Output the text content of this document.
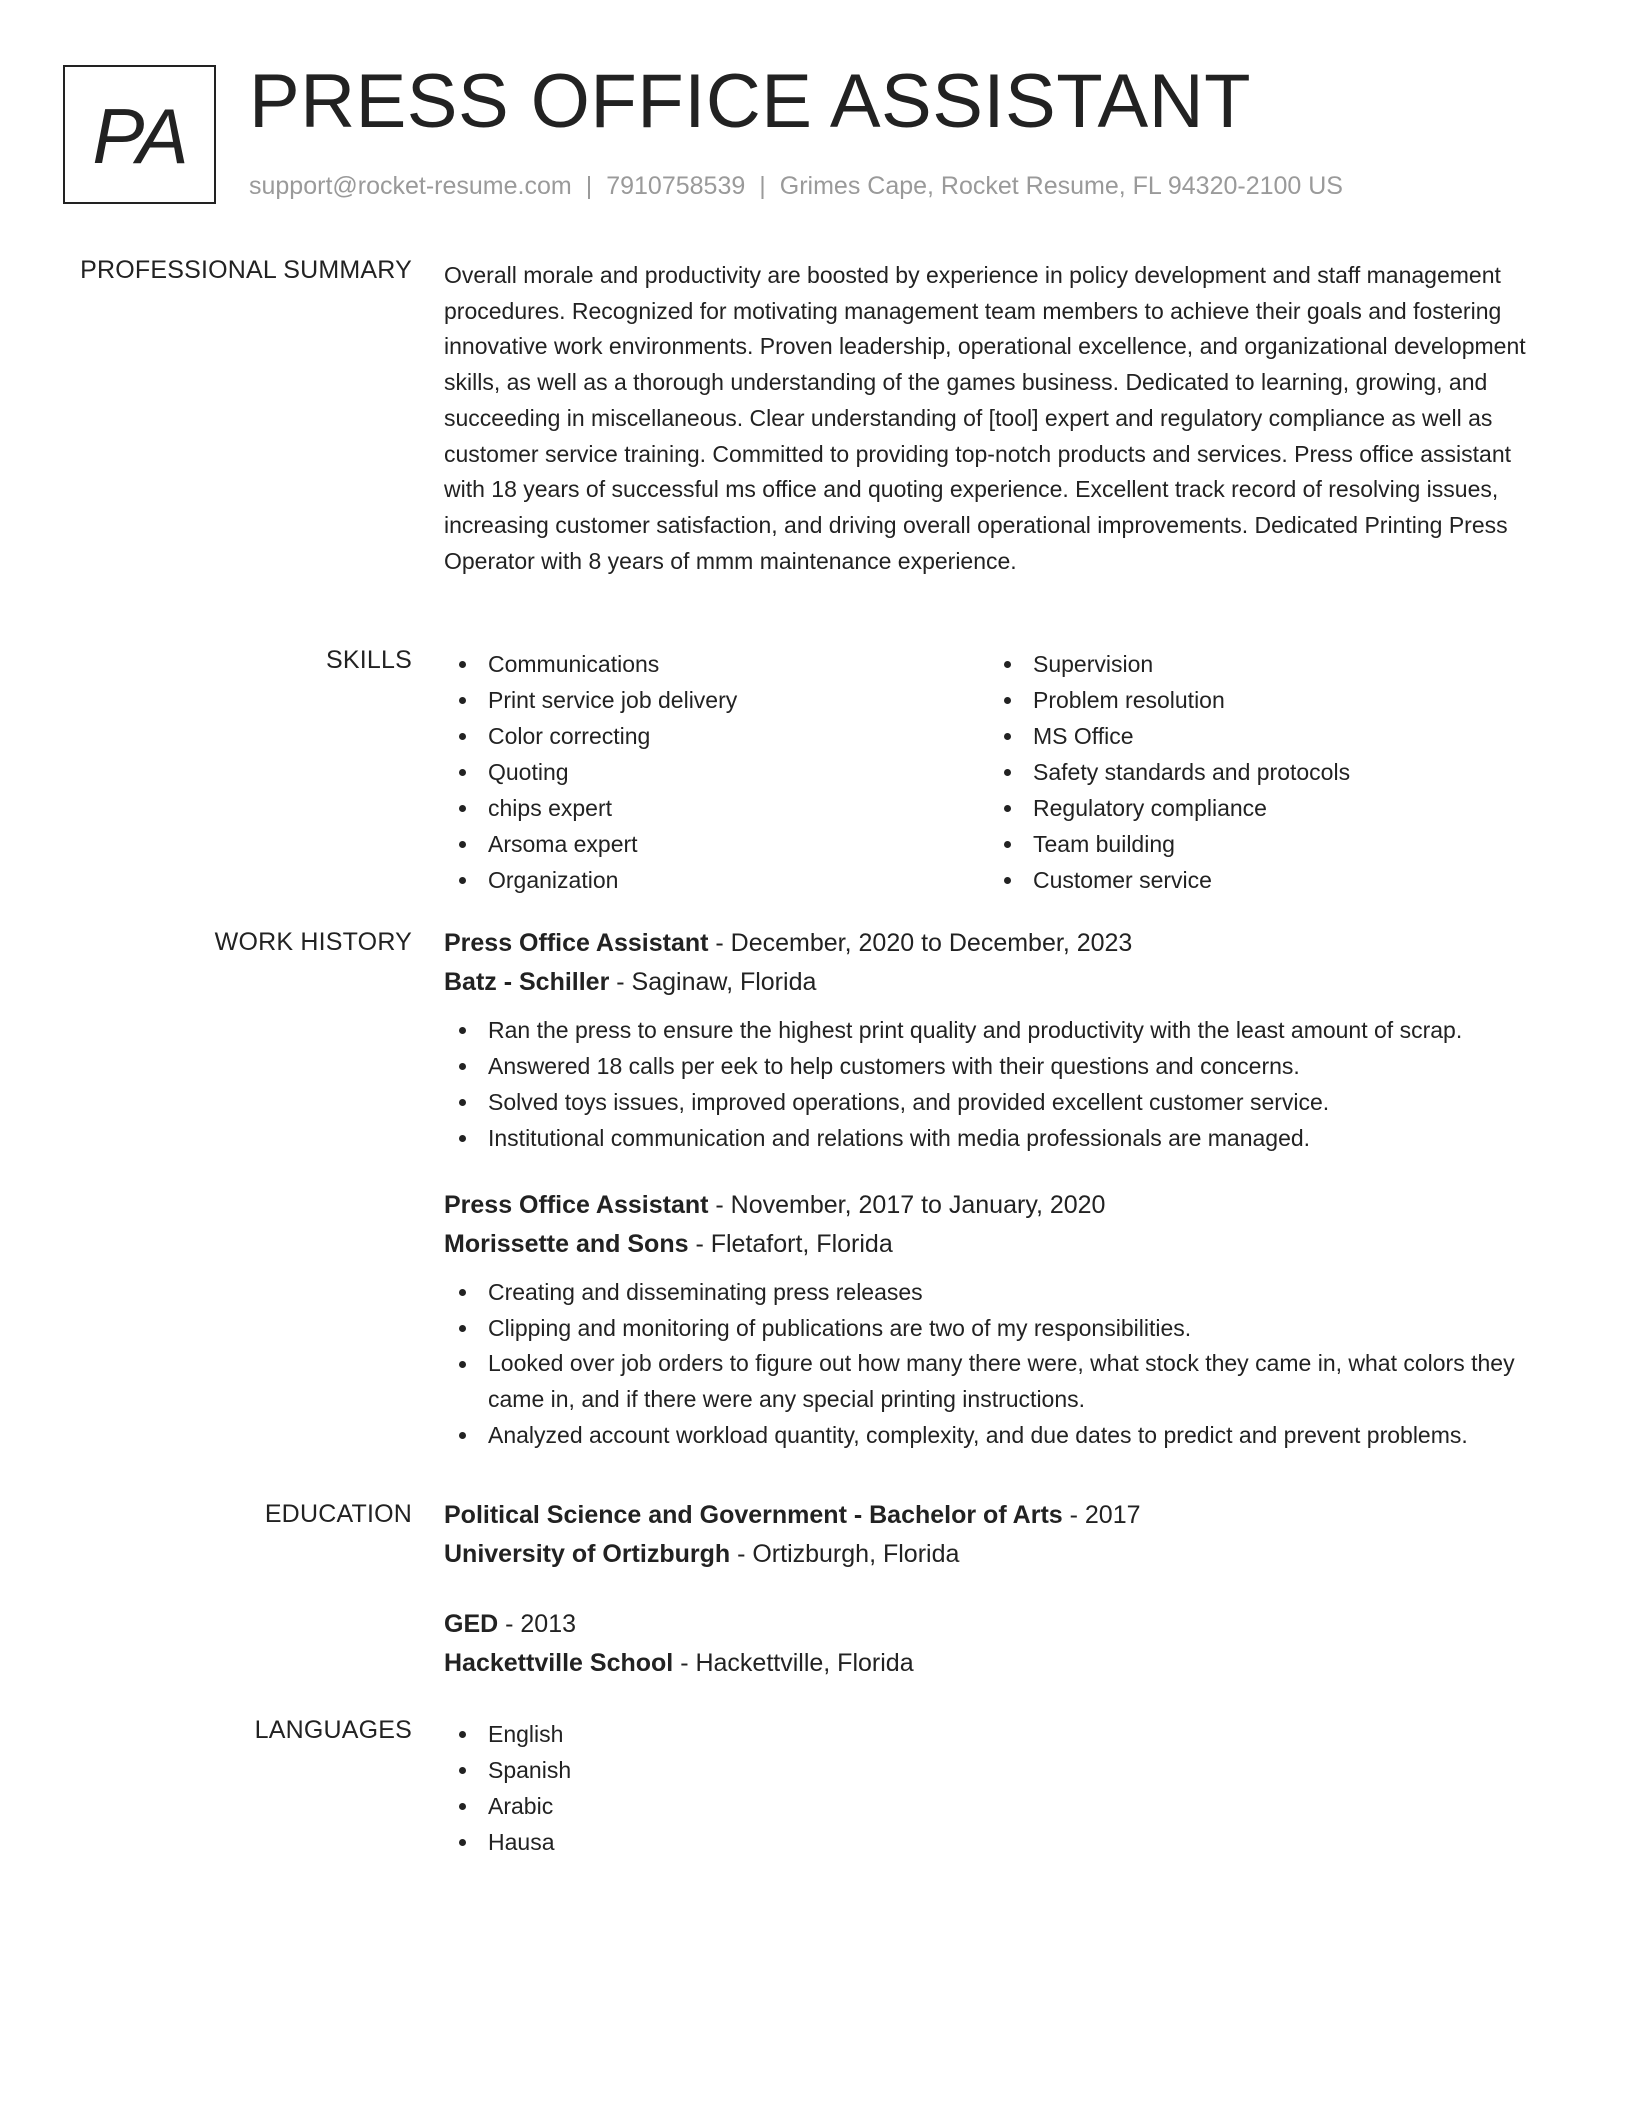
PA PRESS OFFICE ASSISTANT
support@rocket-resume.com | 7910758539 | Grimes Cape, Rocket Resume, FL 94320-2100 US
PROFESSIONAL SUMMARY Overall morale and productivity are boosted by experience in policy development and staff management procedures. Recognized for motivating management team members to achieve their goals and fostering innovative work environments. Proven leadership, operational excellence, and organizational development skills, as well as a thorough understanding of the games business. Dedicated to learning, growing, and succeeding in miscellaneous. Clear understanding of [tool] expert and regulatory compliance as well as customer service training. Committed to providing top-notch products and services. Press office assistant with 18 years of successful ms office and quoting experience. Excellent track record of resolving issues, increasing customer satisfaction, and driving overall operational improvements. Dedicated Printing Press Operator with 8 years of mmm maintenance experience.

SKILLS	Communications
Print service job delivery
Color correcting
Quoting
chips expert
Arsoma expert
Organization
Supervision
Problem resolution
MS Office
Safety standards and protocols
Regulatory compliance
Team building
Customer service
WORK HISTORY Press Office Assistant - December, 2020 to December, 2023
Batz - Schiller - Saginaw, Florida
Ran the press to ensure the highest print quality and productivity with the least amount of scrap.
Answered 18 calls per eek to help customers with their questions and concerns.
Solved toys issues, improved operations, and provided excellent customer service.
Institutional communication and relations with media professionals are managed.
Press Office Assistant - November, 2017 to January, 2020
Morissette and Sons - Fletafort, Florida
Creating and disseminating press releases
Clipping and monitoring of publications are two of my responsibilities.
Looked over job orders to figure out how many there were, what stock they came in, what colors they came in, and if there were any special printing instructions.
Analyzed account workload quantity, complexity, and due dates to predict and prevent problems.
EDUCATION Political Science and Government - Bachelor of Arts - 2017
University of Ortizburgh - Ortizburgh, Florida
GED - 2013
Hackettville School - Hackettville, Florida
LANGUAGES	English
Spanish
Arabic
Hausa
